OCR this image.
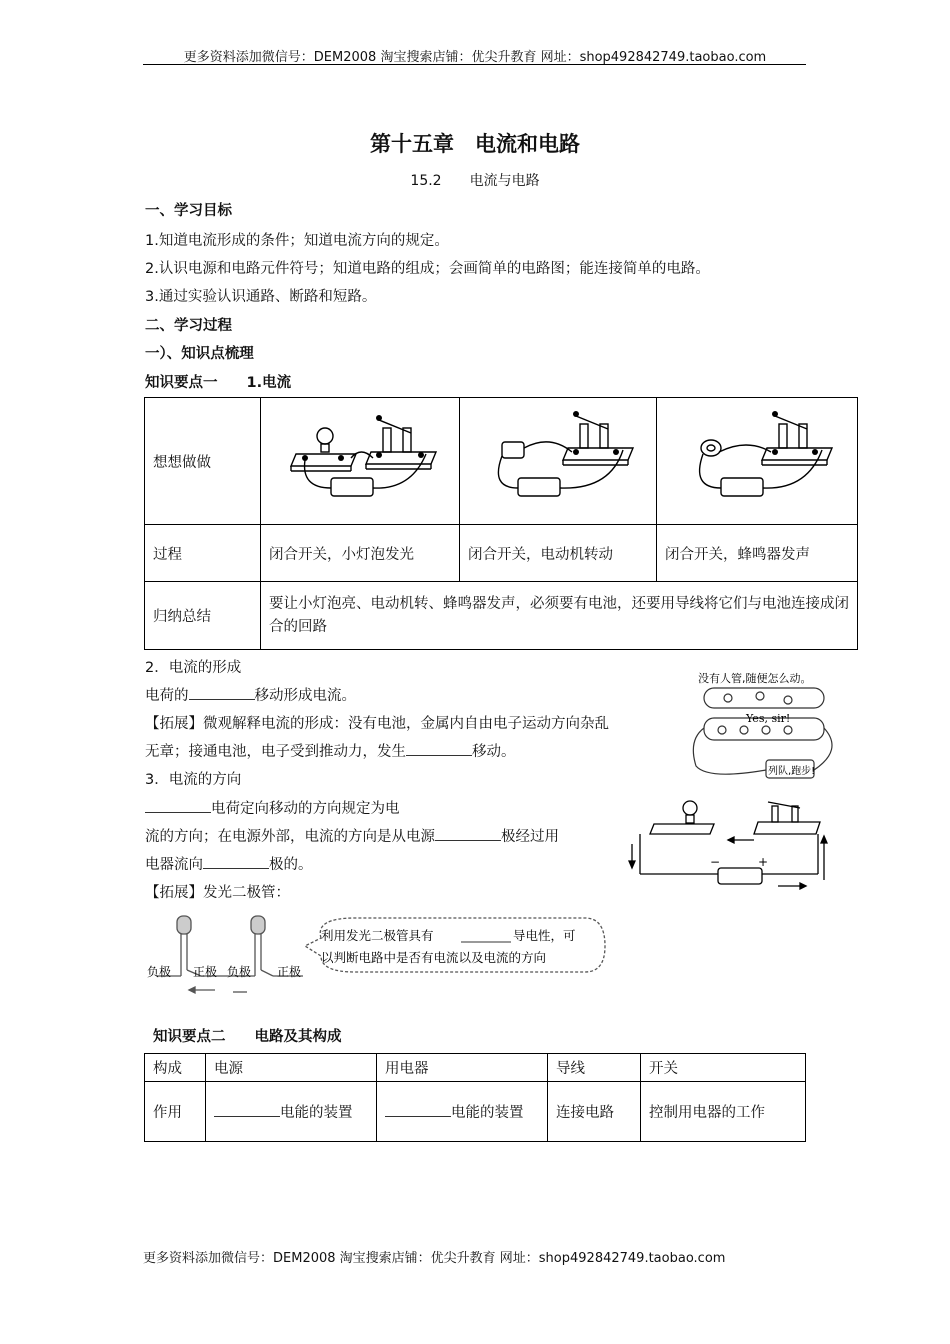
更多资料添加微信号：DEM2008 淘宝搜索店铺：优尖升教育 网址：shop492842749.taobao.com
第十五章　电流和电路
15.2　　电流与电路
一、学习目标
1.知道电流形成的条件；知道电流方向的规定。
2.认识电源和电路元件符号；知道电路的组成；会画简单的电路图；能连接简单的电路。
3.通过实验认识通路、断路和短路。
二、学习过程
一）、知识点梳理
知识要点一　　1.电流
想想做做	

过程	闭合开关，小灯泡发光	闭合开关，电动机转动	闭合开关，蜂鸣器发声
归纳总结	要让小灯泡亮、电动机转、蜂鸣器发声，必须要有电池，还要用导线将它们与电池连接成闭合的回路		
2．电流的形成
电荷的	移动形成电流。
【拓展】微观解释电流的形成：没有电池，金属内自由电子运动方向杂乱
无章；接通电池，电子受到推动力，发生	移动。
没有人管,随便怎么动。
Yes, sir!
列队,跑步!
3．电流的方向
电荷定向移动的方向规定为电
流的方向；在电源外部，电流的方向是从电源	极经过用
电器流向	极的。
【拓展】发光二极管：
−	+
负极 正极 负极 正极
利用发光二极管具有	导电性，可
以判断电路中是否有电流以及电流的方向
知识要点二　　电路及其构成
构成	电源	用电器	导线	开关
作用	电能的装置	电能的装置	连接电路	控制用电器的工作
更多资料添加微信号：DEM2008 淘宝搜索店铺：优尖升教育 网址：shop492842749.taobao.com
